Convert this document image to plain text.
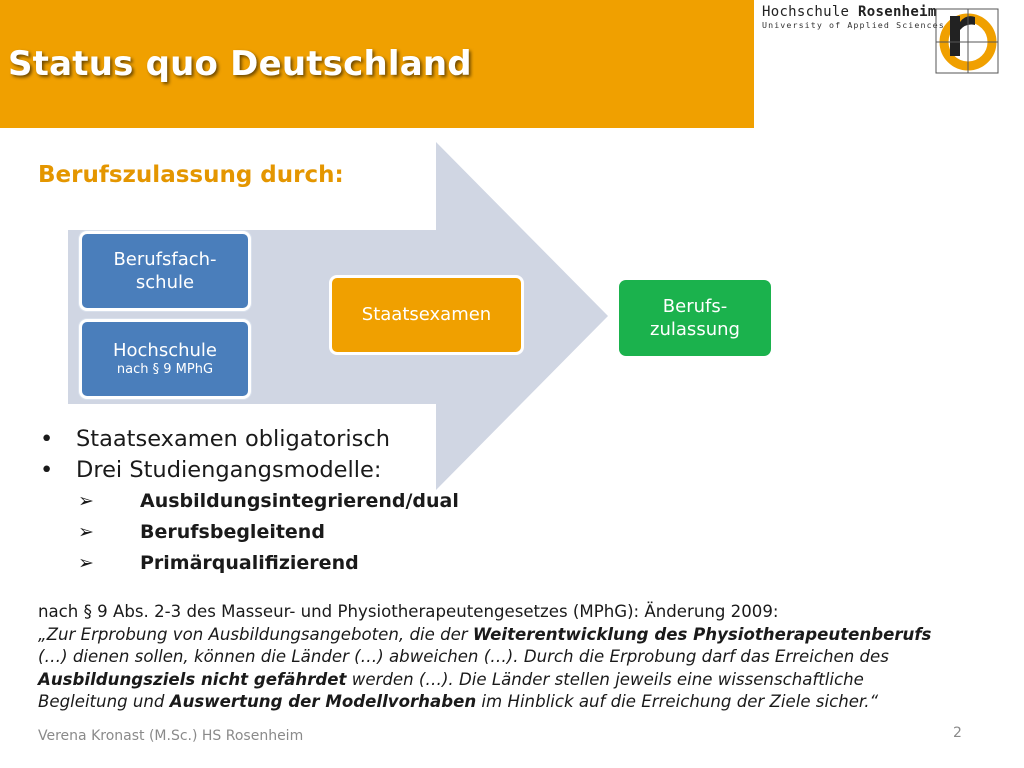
Status quo Deutschland
Hochschule Rosenheim
University of Applied Sciences
Berufszulassung durch:
Berufsfach-
schule
Hochschule
nach § 9 MPhG
Staatsexamen	Berufs-
zulassung
• Staatsexamen obligatorisch
• Drei Studiengangsmodelle:
➢ Ausbildungsintegrierend/dual
➢ Berufsbegleitend
➢ Primärqualifizierend
nach § 9 Abs. 2-3 des Masseur- und Physiotherapeutengesetzes (MPhG): Änderung 2009:
„Zur Erprobung von Ausbildungsangeboten, die der Weiterentwicklung des Physiotherapeutenberufs
(…) dienen sollen, können die Länder (…) abweichen (…). Durch die Erprobung darf das Erreichen des
Ausbildungsziels nicht gefährdet werden (…). Die Länder stellen jeweils eine wissenschaftliche
Begleitung und Auswertung der Modellvorhaben im Hinblick auf die Erreichung der Ziele sicher.“
Verena Kronast (M.Sc.) HS Rosenheim	2
